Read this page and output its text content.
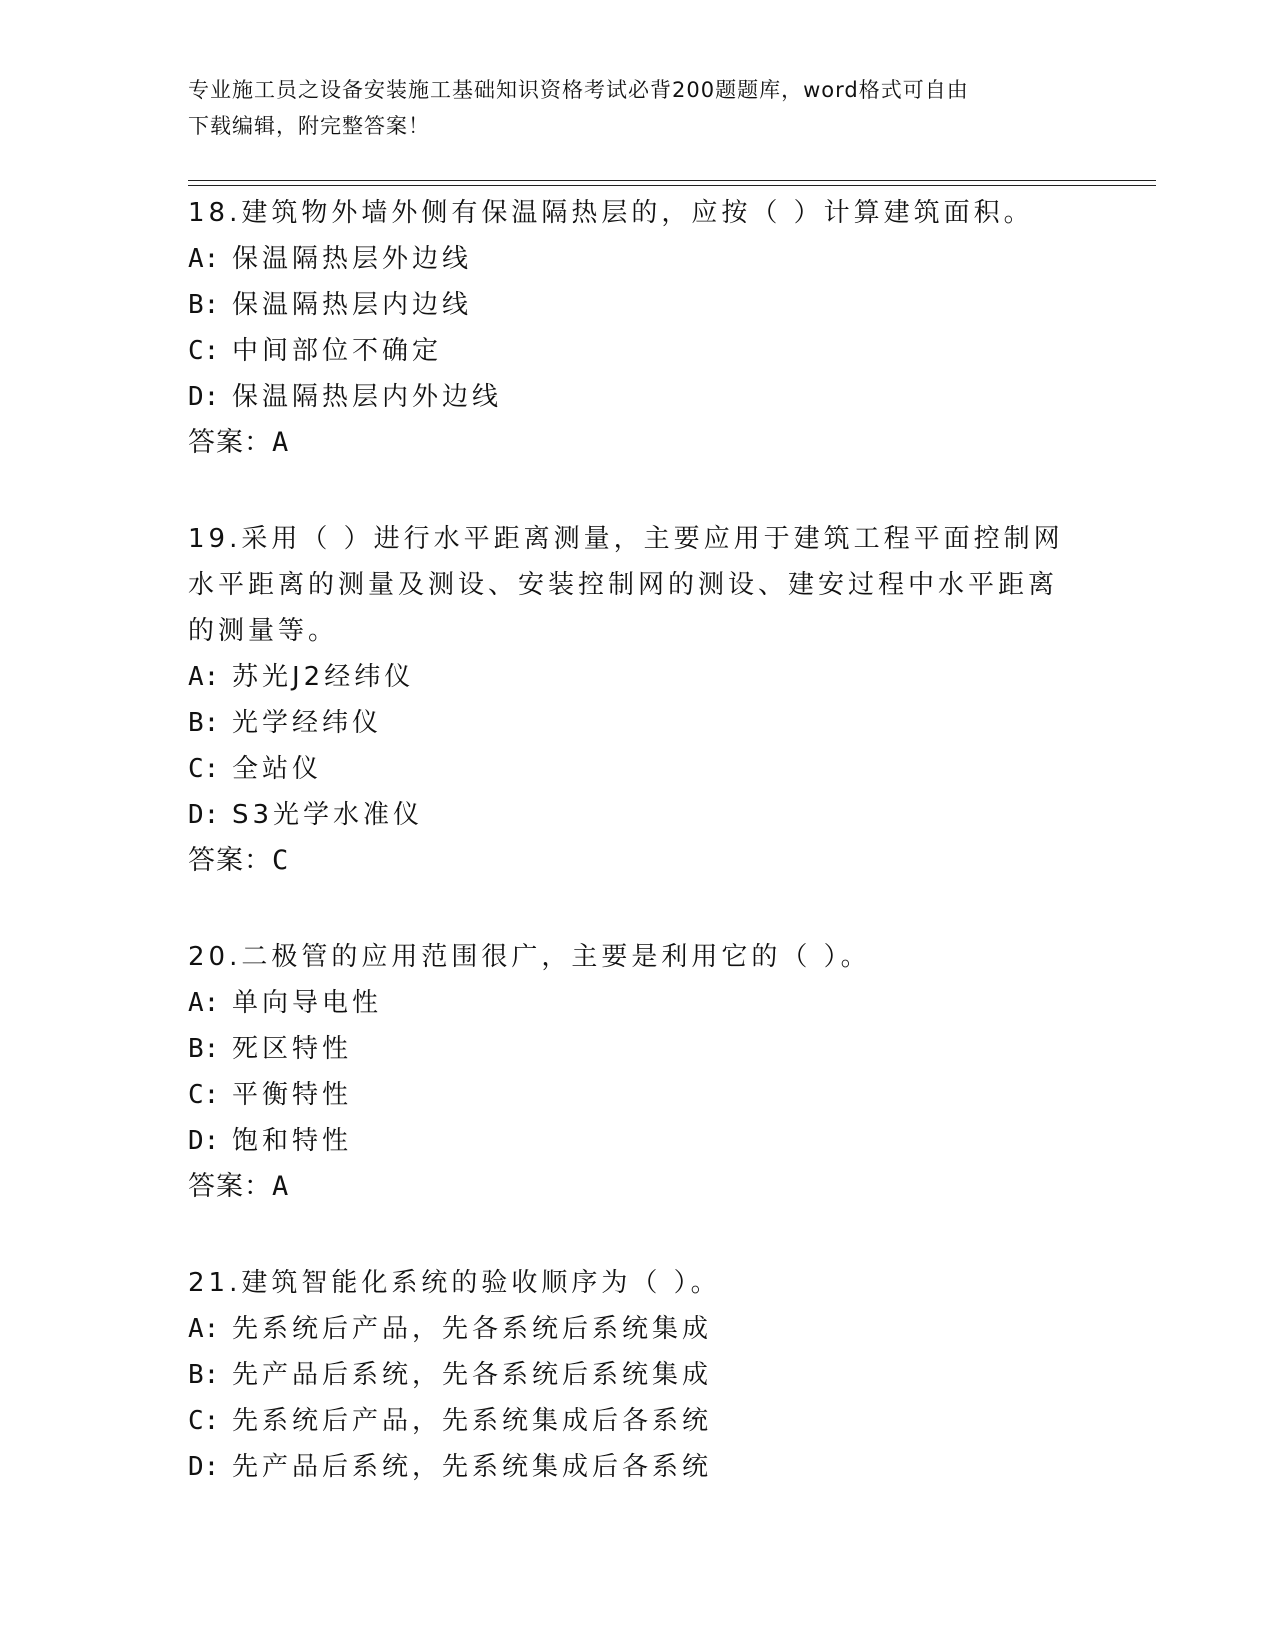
专业施工员之设备安装施工基础知识资格考试必背200题题库，word格式可自由
下载编辑，附完整答案！
18.建筑物外墙外侧有保温隔热层的，应按（ ）计算建筑面积。
A: 保温隔热层外边线
B: 保温隔热层内边线
C: 中间部位不确定
D: 保温隔热层内外边线
答案：A
19.采用（ ）进行水平距离测量，主要应用于建筑工程平面控制网水平距离的测量及测设、安装控制网的测设、建安过程中水平距离的测量等。
A: 苏光J2经纬仪
B: 光学经纬仪
C: 全站仪
D: S3光学水准仪
答案：C
20.二极管的应用范围很广，主要是利用它的（ ）。
A: 单向导电性
B: 死区特性
C: 平衡特性
D: 饱和特性
答案：A
21.建筑智能化系统的验收顺序为（ ）。
A: 先系统后产品，先各系统后系统集成
B: 先产品后系统，先各系统后系统集成
C: 先系统后产品，先系统集成后各系统
D: 先产品后系统，先系统集成后各系统
